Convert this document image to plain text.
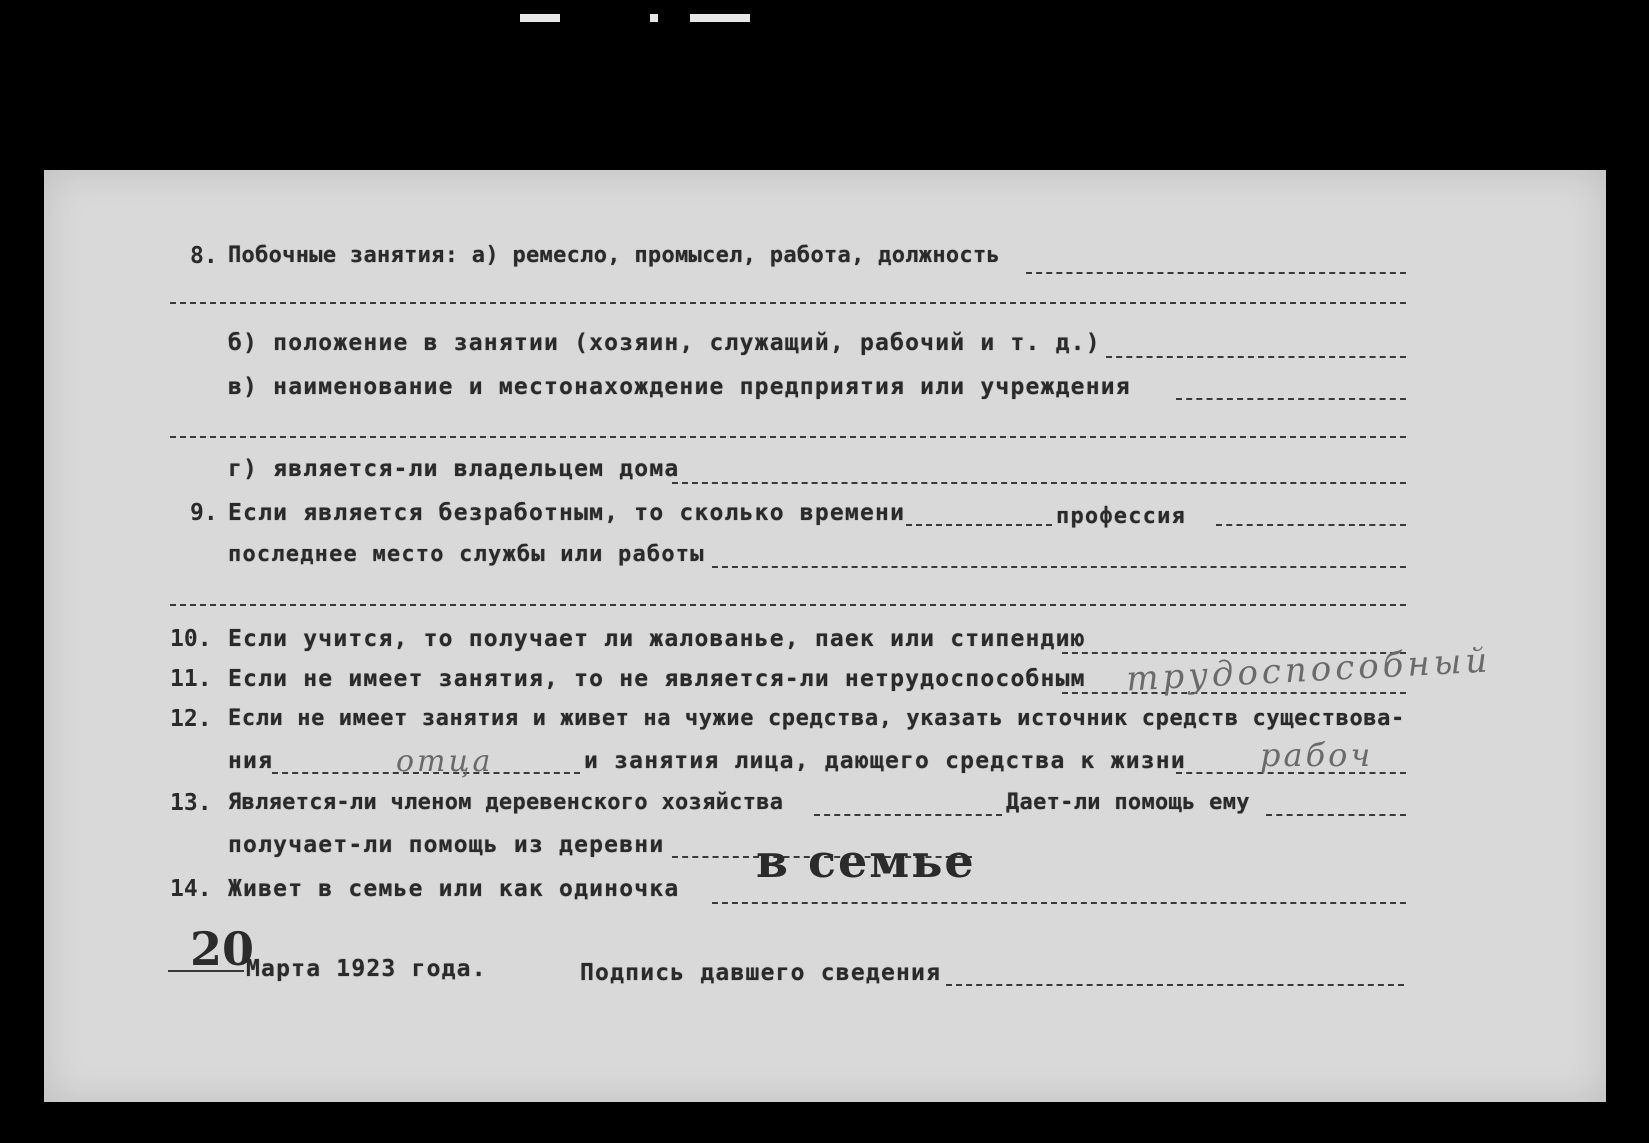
8. Побочные занятия: а) ремесло, промысел, работа, должность
б) положение в занятии (хозяин, служащий, рабочий и т. д.)
в) наименование и местонахождение предприятия или учреждения
г) является-ли владельцем дома
9. Если является безработным, то сколько времени	профессия
последнее место службы или работы
10. Если учится, то получает ли жалованье, паек или стипендию
11. Если не имеет занятия, то не является-ли нетрудоспособным трудоспособный
12. Если не имеет занятия и живет на чужие средства, указать источник средств существова-
ния	отца	и занятия лица, дающего средства к жизни рабоч
13. Является-ли членом деревенского хозяйства	Дает-ли помощь ему
получает-ли помощь из деревни
14. Живет в семье или как одиночка
в семье
20
Марта 1923 года.	Подпись давшего сведения
